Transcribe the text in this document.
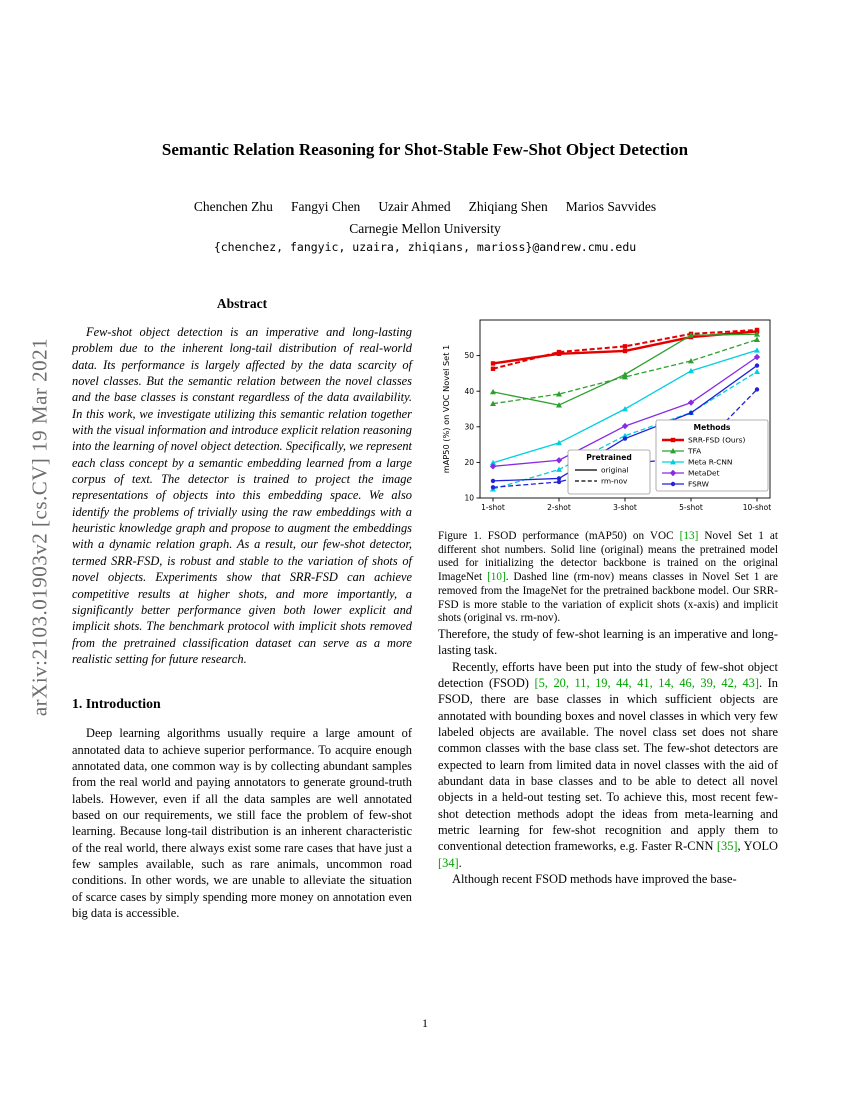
arXiv:2103.01903v2 [cs.CV] 19 Mar 2021
Semantic Relation Reasoning for Shot-Stable Few-Shot Object Detection
Chenchen Zhu Fangyi Chen Uzair Ahmed Zhiqiang Shen Marios Savvides
Carnegie Mellon University
{chenchez, fangyic, uzaira, zhiqians, marioss}@andrew.cmu.edu
Abstract
Few-shot object detection is an imperative and long-lasting problem due to the inherent long-tail distribution of real-world data. Its performance is largely affected by the data scarcity of novel classes. But the semantic relation between the novel classes and the base classes is constant regardless of the data availability. In this work, we investigate utilizing this semantic relation together with the visual information and introduce explicit relation reasoning into the learning of novel object detection. Specifically, we represent each class concept by a semantic embedding learned from a large corpus of text. The detector is trained to project the image representations of objects into this embedding space. We also identify the problems of trivially using the raw embeddings with a heuristic knowledge graph and propose to augment the embeddings with a dynamic relation graph. As a result, our few-shot detector, termed SRR-FSD, is robust and stable to the variation of shots of novel objects. Experiments show that SRR-FSD can achieve competitive results at higher shots, and more importantly, a significantly better performance given both lower explicit and implicit shots. The benchmark protocol with implicit shots removed from the pretrained classification dataset can serve as a more realistic setting for future research.
1. Introduction

Deep learning algorithms usually require a large amount of annotated data to achieve superior performance. To acquire enough annotated data, one common way is by collecting abundant samples from the real world and paying annotators to generate ground-truth labels. However, even if all the data samples are well annotated based on our requirements, we still face the problem of few-shot learning. Because long-tail distribution is an inherent characteristic of the real world, there always exist some rare cases that have just a few samples available, such as rare animals, uncommon road conditions. In other words, we are unable to alleviate the situation of scarce cases by simply spending more money on annotation even big data is accessible.

10
20
30
40
50
1-shot	2-shot	3-shot	5-shot	10-shot
mAP50 (%) on VOC Novel Set 1	Pretrained
original
rm-nov
Methods
SRR-FSD (Ours)
TFA
Meta R-CNN
MetaDet
FSRW
Figure 1. FSOD performance (mAP50) on VOC [13] Novel Set 1 at different shot numbers. Solid line (original) means the pretrained model used for initializing the detector backbone is trained on the original ImageNet [10]. Dashed line (rm-nov) means classes in Novel Set 1 are removed from the ImageNet for the pretrained backbone model. Our SRR-FSD is more stable to the variation of explicit shots (x-axis) and implicit shots (original vs. rm-nov).

Therefore, the study of few-shot learning is an imperative and long-lasting task.

Recently, efforts have been put into the study of few-shot object detection (FSOD) [5, 20, 11, 19, 44, 41, 14, 46, 39, 42, 43]. In FSOD, there are base classes in which sufficient objects are annotated with bounding boxes and novel classes in which very few labeled objects are available. The novel class set does not share common classes with the base class set. The few-shot detectors are expected to learn from limited data in novel classes with the aid of abundant data in base classes and to be able to detect all novel objects in a held-out testing set. To achieve this, most recent few-shot detection methods adopt the ideas from meta-learning and metric learning for few-shot recognition and apply them to conventional detection frameworks, e.g. Faster R-CNN [35], YOLO [34].

Although recent FSOD methods have improved the base-

1
